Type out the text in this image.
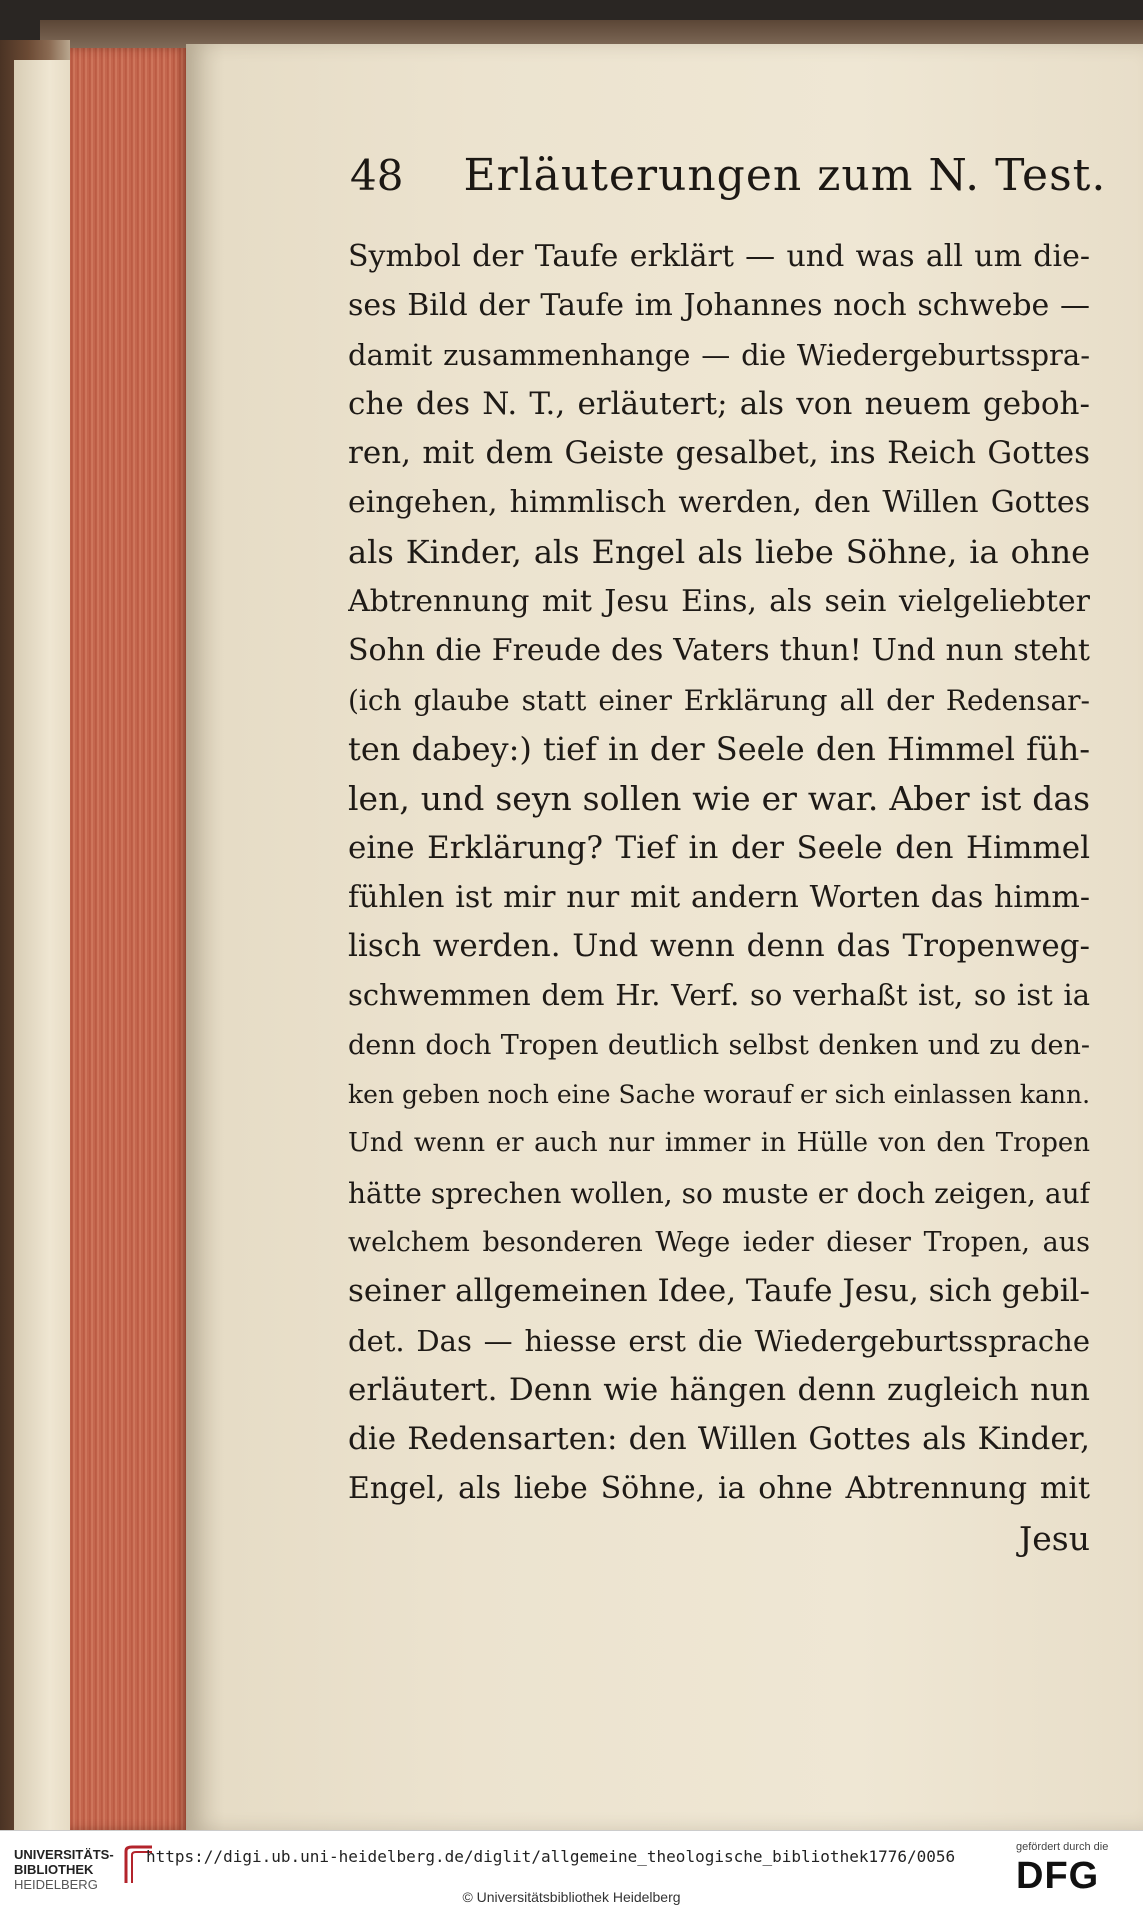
48 Erläuterungen zum N. Test.
Symbol der Taufe erklärt — und was all um die-
ses Bild der Taufe im Johannes noch schwebe —
damit zusammenhange — die Wiedergeburtsspra-
che des N. T., erläutert; als von neuem geboh-
ren, mit dem Geiste gesalbet, ins Reich Gottes
eingehen, himmlisch werden, den Willen Gottes
als Kinder, als Engel als liebe Söhne, ia ohne
Abtrennung mit Jesu Eins, als sein vielgeliebter
Sohn die Freude des Vaters thun! Und nun steht
(ich glaube statt einer Erklärung all der Redensar-
ten dabey:) tief in der Seele den Himmel füh-
len, und seyn sollen wie er war. Aber ist das
eine Erklärung? Tief in der Seele den Himmel
fühlen ist mir nur mit andern Worten das himm-
lisch werden. Und wenn denn das Tropenweg-
schwemmen dem Hr. Verf. so verhaßt ist, so ist ia
denn doch Tropen deutlich selbst denken und zu den-
ken geben noch eine Sache worauf er sich einlassen kann.
Und wenn er auch nur immer in Hülle von den Tropen
hätte sprechen wollen, so muste er doch zeigen, auf
welchem besonderen Wege ieder dieser Tropen, aus
seiner allgemeinen Idee, Taufe Jesu, sich gebil-
det. Das — hiesse erst die Wiedergeburtssprache
erläutert. Denn wie hängen denn zugleich nun
die Redensarten: den Willen Gottes als Kinder,
Engel, als liebe Söhne, ia ohne Abtrennung mit
Jesu
UNIVERSITÄTS-
BIBLIOTHEK
HEIDELBERG
https://digi.ub.uni-heidelberg.de/diglit/allgemeine_theologische_bibliothek1776/0056
© Universitätsbibliothek Heidelberg
gefördert durch die
DFG
